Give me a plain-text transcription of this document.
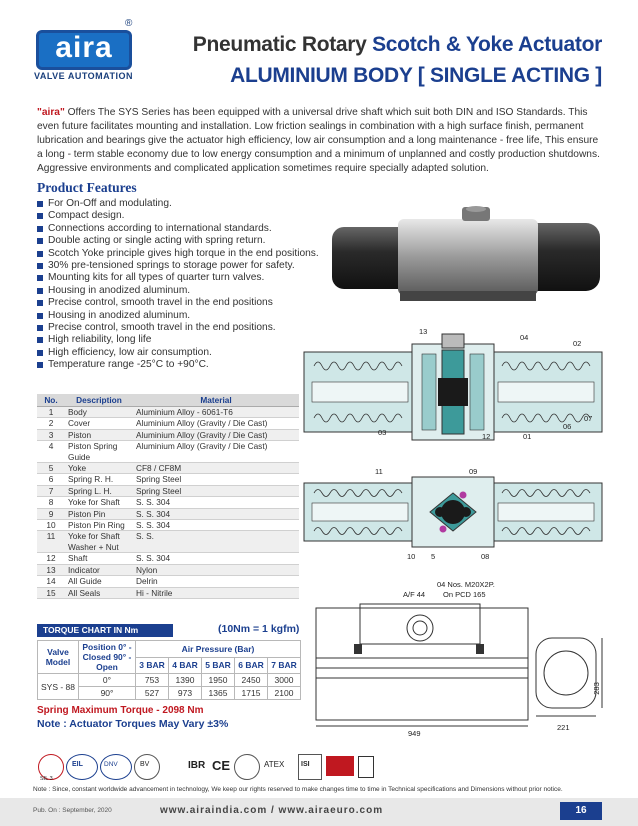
aira
®
VALVE AUTOMATION
Pneumatic Rotary Scotch & Yoke Actuator
ALUMINIUM BODY [ SINGLE ACTING ]
"aira" Offers The SYS Series has been equipped with a universal drive shaft which suit both DIN and ISO Standards. This even future facilitates mounting and installation. Low friction sealings in combination with a high surface finish, permanent lubrication and bearings give the actuator high efficiency, low air consumption and a long maintenance - free life, This ensure a long - term stable economy due to low energy consumption and a minimum of unplanned and costly production shutdowns. Aggressive environments and complicated application sometimes require specially adapted solution.
Product Features
For On-Off and modulating.
Compact design.
Connections according to international standards.
Double acting or single acting with spring return.
Scotch Yoke principle gives high torque in the end positions.
30% pre-tensioned springs to storage power for safety.
Mounting kits for all types of quarter turn valves.
Housing in anodized aluminum.
Precise control, smooth travel in the end positions
Housing in anodized aluminum.
Precise control, smooth travel in the end positions.
High reliability, long life
High efficiency, low air consumption.
Temperature range -25°C to +90°C.
13
04
02
03	12	01
06
07
11	09
10 5	08
04 Nos. M20X2P.
A/F 44 On PCD 165
949
283
221
No.	Description	Material
1	Body	Aluminium Alloy - 6061-T6
2	Cover	Aluminium Alloy (Gravity / Die Cast)
3	Piston	Aluminium Alloy (Gravity / Die Cast)
4	Piston Spring Guide	Aluminium Alloy (Gravity / Die Cast)
5	Yoke	CF8 / CF8M
6	Spring R. H.	Spring Steel
7	Spring L. H.	Spring Steel
8	Yoke for Shaft	S. S. 304
9	Piston Pin	S. S. 304
10	Piston Pin Ring	S. S. 304
11	Yoke for Shaft Washer + Nut	S. S.
12	Shaft	S. S. 304
13	Indicator	Nylon
14	All Guide	Delrin
15	All Seals	Hi - Nitrile
TORQUE CHART IN Nm	(10Nm = 1 kgfm)
Valve Model	Position 0° - Closed 90° - Open	Air Pressure (Bar)				
		3 BAR	4 BAR	5 BAR	6 BAR	7 BAR
SYS - 88	0°	753	1390	1950	2450	3000
	90°	527	973	1365	1715	2100
Spring Maximum Torque - 2098 Nm
Note : Actuator Torques May Vary ±3%
SIL 3
EIL	DNV	BV	IBR CE	ATEX ISI
Note : Since, constant worldwide advancement in technology, We keep our rights reserved to make changes time to time in Technical specifications and Dimensions without prior notice.
Pub. On : September, 2020	www.airaindia.com / www.airaeuro.com	16
